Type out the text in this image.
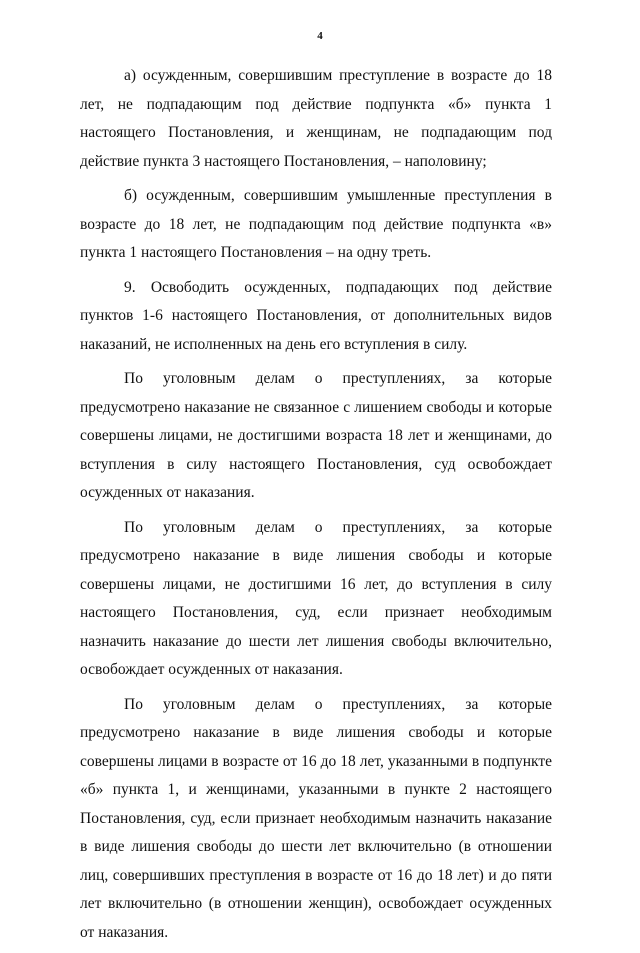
4

а) осужденным, совершившим преступление в возрасте до 18 лет, не подпадающим под действие подпункта «б» пункта 1 настоящего Постановления, и женщинам, не подпадающим под действие пункта 3 настоящего Постановления, – наполовину;

б) осужденным, совершившим умышленные преступления в возрасте до 18 лет, не подпадающим под действие подпункта «в» пункта 1 настоящего Постановления – на одну треть.

9. Освободить осужденных, подпадающих под действие пунктов 1-6 настоящего Постановления, от дополнительных видов наказаний, не исполненных на день его вступления в силу.

По уголовным делам о преступлениях, за которые предусмотрено наказание не связанное с лишением свободы и которые совершены лицами, не достигшими возраста 18 лет и женщинами, до вступления в силу настоящего Постановления, суд освобождает осужденных от наказания.

По уголовным делам о преступлениях, за которые предусмотрено наказание в виде лишения свободы и которые совершены лицами, не достигшими 16 лет, до вступления в силу настоящего Постановления, суд, если признает необходимым назначить наказание до шести лет лишения свободы включительно, освобождает осужденных от наказания.

По уголовным делам о преступлениях, за которые предусмотрено наказание в виде лишения свободы и которые совершены лицами в возрасте от 16 до 18 лет, указанными в подпункте «б» пункта 1, и женщинами, указанными в пункте 2 настоящего Постановления, суд, если признает необходимым назначить наказание в виде лишения свободы до шести лет включительно (в отношении лиц, совершивших преступления в возрасте от 16 до 18 лет) и до пяти лет включительно (в отношении женщин), освобождает осужденных от наказания.
